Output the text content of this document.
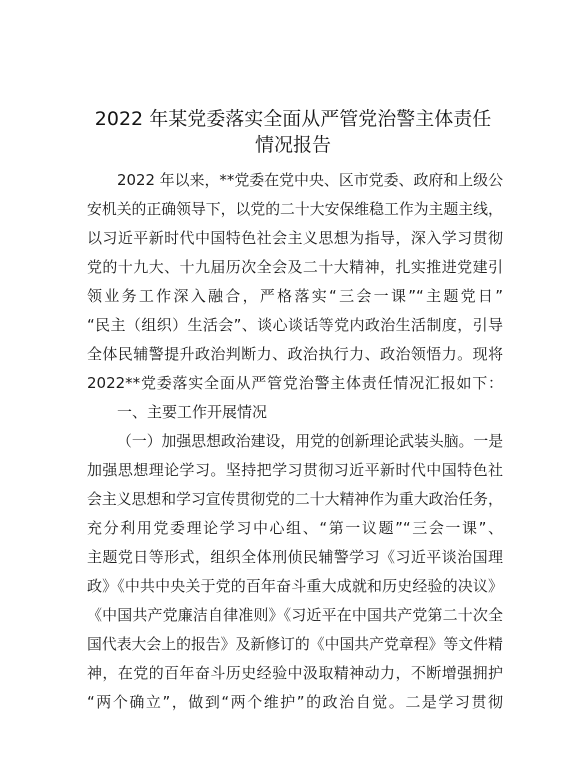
2022 年某党委落实全面从严管党治警主体责任
情况报告
2022 年以来，**党委在党中央、区市党委、政府和上级公
安机关的正确领导下，以党的二十大安保维稳工作为主题主线，
以习近平新时代中国特色社会主义思想为指导，深入学习贯彻
党的十九大、十九届历次全会及二十大精神，扎实推进党建引
领业务工作深入融合，严格落实“三会一课”“主题党日”
“民主（组织）生活会”、谈心谈话等党内政治生活制度，引导
全体民辅警提升政治判断力、政治执行力、政治领悟力。现将
2022**党委落实全面从严管党治警主体责任情况汇报如下：
一、主要工作开展情况
（一）加强思想政治建设，用党的创新理论武装头脑。一是
加强思想理论学习。坚持把学习贯彻习近平新时代中国特色社
会主义思想和学习宣传贯彻党的二十大精神作为重大政治任务，
充分利用党委理论学习中心组、“第一议题”“三会一课”、
主题党日等形式，组织全体刑侦民辅警学习《习近平谈治国理
政》《中共中央关于党的百年奋斗重大成就和历史经验的决议》
《中国共产党廉洁自律准则》《习近平在中国共产党第二十次全
国代表大会上的报告》及新修订的《中国共产党章程》等文件精
神，在党的百年奋斗历史经验中汲取精神动力，不断增强拥护
“两个确立”，做到“两个维护”的政治自觉。二是学习贯彻
